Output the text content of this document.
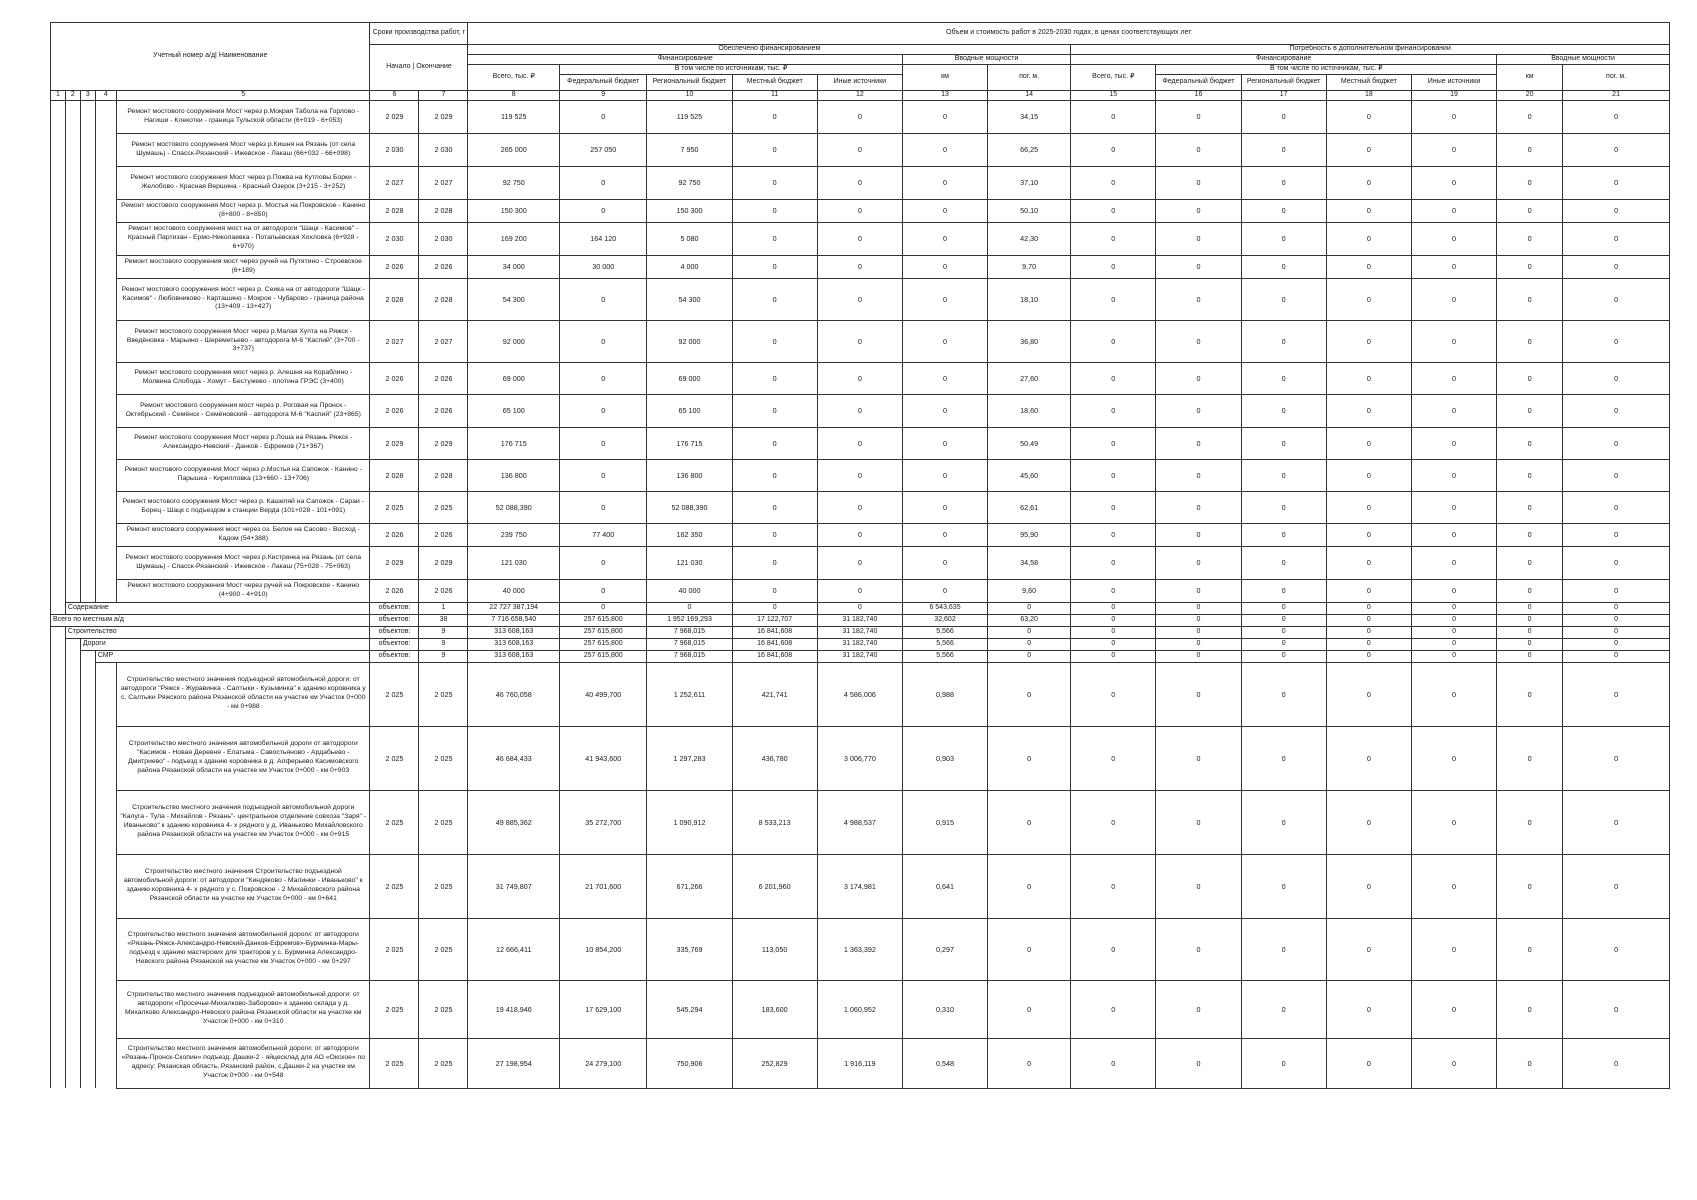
Учетный номер а/д| Наименование					Сроки производства работ, г		Объем и стоимость работ в 2025-2030 годах, в ценах соответствующих лет													
					Начало | Окончание		Обеспечено финансированием							Потребность в дополнительном финансировании						
							Финансирование					Вводные мощности		Финансирование					Вводные мощности	
							Всего, тыс. ₽	В том числе по источникам, тыс. ₽				км	пог. м.	Всего, тыс. ₽	В том числе по источникам, тыс. ₽				км	пог. м.
								Федеральный бюджет	Региональный бюджет	Местный бюджет	Иные источники				Федеральный бюджет	Региональный бюджет	Местный бюджет	Иные источники		
1	2	3	4	5	6	7	8	9	10	11	12	13	14	15	16	17	18	19	20	21
				Ремонт мостового сооружения Мост через р.Мокрая Табола на Горлово - Нагиши - Клекотки - граница Тульской области (6+019 - 6+053)	2 029	2 029	119 525	0	119 525	0	0	0	34,15	0	0	0	0	0	0	0
				Ремонт мостового сооружения Мост через р.Кишня на Рязань (от села Шумашь) - Спасск-Рязанский - Ижевское - Лакаш (66+032 - 66+098)	2 030	2 030	265 000	257 050	7 950	0	0	0	66,25	0	0	0	0	0	0	0
				Ремонт мостового сооружения Мост через р.Пожва на Кутловы Борки - Желобово - Красная Вершина - Красный Озерок (3+215 - 3+252)	2 027	2 027	92 750	0	92 750	0	0	0	37,10	0	0	0	0	0	0	0
				Ремонт мостового сооружения Мост через р. Мостья на Покровское - Канино (8+800 - 8+850)	2 028	2 028	150 300	0	150 300	0	0	0	50,10	0	0	0	0	0	0	0
				Ремонт мостового сооружения мост на от автодороги "Шацк - Касимов" - Красный Партизан - Ермо-Николаевка - Потапьевская Хохловка (6+928 - 6+970)	2 030	2 030	169 200	164 120	5 080	0	0	0	42,30	0	0	0	0	0	0	0
				Ремонт мостового сооружения мост через ручей на Путятино - Строевское (6+189)	2 026	2 026	34 000	30 000	4 000	0	0	0	9,70	0	0	0	0	0	0	0
				Ремонт мостового сооружения мост через р. Сеика на от автодороги "Шацк - Касимов" - Любовниково - Карташино - Мокрое - Чубарово - граница района (13+409 - 13+427)	2 028	2 028	54 300	0	54 300	0	0	0	18,10	0	0	0	0	0	0	0
				Ремонт мостового сооружения Мост через р.Малая Хупта на Ряжск - Введёновка - Марьино - Шереметьево - автодорога М-6 "Каспий" (3+700 - 3+737)	2 027	2 027	92 000	0	92 000	0	0	0	36,80	0	0	0	0	0	0	0
				Ремонт мостового сооружения мост через р. Алешня на Кораблино - Молвина Слобода - Хомут - Бестужево - плотина ГРЭС (3+400)	2 026	2 026	69 000	0	69 000	0	0	0	27,60	0	0	0	0	0	0	0
				Ремонт мостового сооружения мост через р. Роговая на Пронск - Октябрьский - Семёнск - Семёновский - автодорога М-6 "Каспий" (23+865)	2 026	2 026	65 100	0	65 100	0	0	0	18,60	0	0	0	0	0	0	0
				Ремонт мостового сооружения Мост через р.Лоша на Рязань Ряжск - Александро-Невский - Данков - Ефремов (71+367)	2 029	2 029	176 715	0	176 715	0	0	0	50,49	0	0	0	0	0	0	0
				Ремонт мостового сооружения Мост через р.Мостья на Сапожок - Канино - Парышка - Кирилловка (13+660 - 13+706)	2 028	2 028	136 800	0	136 800	0	0	0	45,60	0	0	0	0	0	0	0
				Ремонт мостового сооружения Мост через р. Кашеляй на Сапожок - Сараи - Борец - Шацк с подъездом к станции Верда (101+028 - 101+091)	2 025	2 025	52 088,390	0	52 088,390	0	0	0	62,61	0	0	0	0	0	0	0
				Ремонт мостового сооружения мост через оз. Белое на Сасово - Восход - Кадом (54+388)	2 026	2 026	239 750	77 400	162 350	0	0	0	95,90	0	0	0	0	0	0	0
				Ремонт мостового сооружения Мост через р.Кистрянка на Рязань (от села Шумашь) - Спасск-Рязанский - Ижевское - Лакаш (75+028 - 75+063)	2 029	2 029	121 030	0	121 030	0	0	0	34,58	0	0	0	0	0	0	0
				Ремонт мостового сооружения Мост через ручей на Покровское - Канино (4+900 - 4+910)	2 026	2 026	40 000	0	40 000	0	0	0	9,60	0	0	0	0	0	0	0
	Содержание				объектов:	1	22 727 387,194	0	0	0	0	6 543,635	0	0	0	0	0	0	0	0
Всего по местным а/д					объектов:	38	7 716 658,540	257 615,800	1 952 169,293	17 122,707	31 182,740	32,602	63,20	0	0	0	0	0	0	0
	Строительство				объектов:	9	313 608,163	257 615,800	7 968,015	16 841,608	31 182,740	5,566	0	0	0	0	0	0	0	0
		Дороги			объектов:	9	313 608,163	257 615,800	7 968,015	16 841,608	31 182,740	5,566	0	0	0	0	0	0	0	0
			СМР		объектов:	9	313 608,163	257 615,800	7 968,015	16 841,608	31 182,740	5,566	0	0	0	0	0	0	0	0
				Строительство местного значения подъездной автомобильной дороги: от автодороги "Ряжск - Журавинка - Салтыки - Кузьминка" к зданию коровника у с. Салтыки Ряжского района Рязанской области на участке км Участок 0+000 - км 0+988	2 025	2 025	46 760,058	40 499,700	1 252,611	421,741	4 586,006	0,988	0	0	0	0	0	0	0	0
				Строительство местного значения автомобильной дороги от автодороги "Касимов - Новая Деревня - Елатьма - Савостьяново - Ардабьево - Дмитриево" - подъезд к зданию коровника в д. Алферьево Касимовского района Рязанской области на участке км Участок 0+000 - км 0+903	2 025	2 025	46 684,433	41 943,600	1 297,283	436,780	3 006,770	0,903	0	0	0	0	0	0	0	0
				Строительство местного значения подъездной автомобильной дороги "Калуга - Тула - Михайлов - Рязань"- центральное отделение совхоза "Заря" - Иваньково" к зданию коровника 4- х рядного у д. Иваньково Михайловского района Рязанской области на участке км Участок 0+000 - км 0+915	2 025	2 025	49 885,362	35 272,700	1 090,912	8 533,213	4 988,537	0,915	0	0	0	0	0	0	0	0
				Строительство местного значения Строительство подъездной автомобильной дороги: от автодороги "Киндяково - Малинки - Иваньково" к зданию коровника 4- х рядного у с. Покровское - 2 Михайловского района Рязанской области на участке км Участок 0+000 - км 0+641	2 025	2 025	31 749,807	21 701,600	671,266	6 201,960	3 174,981	0,641	0	0	0	0	0	0	0	0
				Строительство местного значения автомобильной дороги: от автодороги «Рязань-Ряжск-Александро-Невский-Данков-Ефремов»-Бурминка-Мары-подъезд к зданию мастерских для тракторов у с. Бурминка Александро-Невского района Рязанской на участке км Участок 0+000 - км 0+297	2 025	2 025	12 666,411	10 854,200	335,769	113,050	1 363,392	0,297	0	0	0	0	0	0	0	0
				Строительство местного значения подъездной автомобильной дороги: от автодороги «Просечье-Михалково-Заборово» к зданию склада у д. Михалково Александро-Невского района Рязанской области на участке км Участок 0+000 - км 0+310	2 025	2 025	19 418,946	17 629,100	545,294	183,600	1 060,952	0,310	0	0	0	0	0	0	0	0
				Строительство местного значения автомобильной дороги: от автодороги «Рязань-Пронск-Скопин» подъезд: Дашки-2 - яйцесклад для АО «Окское» по адресу: Рязанская область, Рязанский район, с.Дашки-2 на участке км Участок 0+000 - км 0+548	2 025	2 025	27 198,954	24 279,100	750,906	252,829	1 916,119	0,548	0	0	0	0	0	0	0	0
